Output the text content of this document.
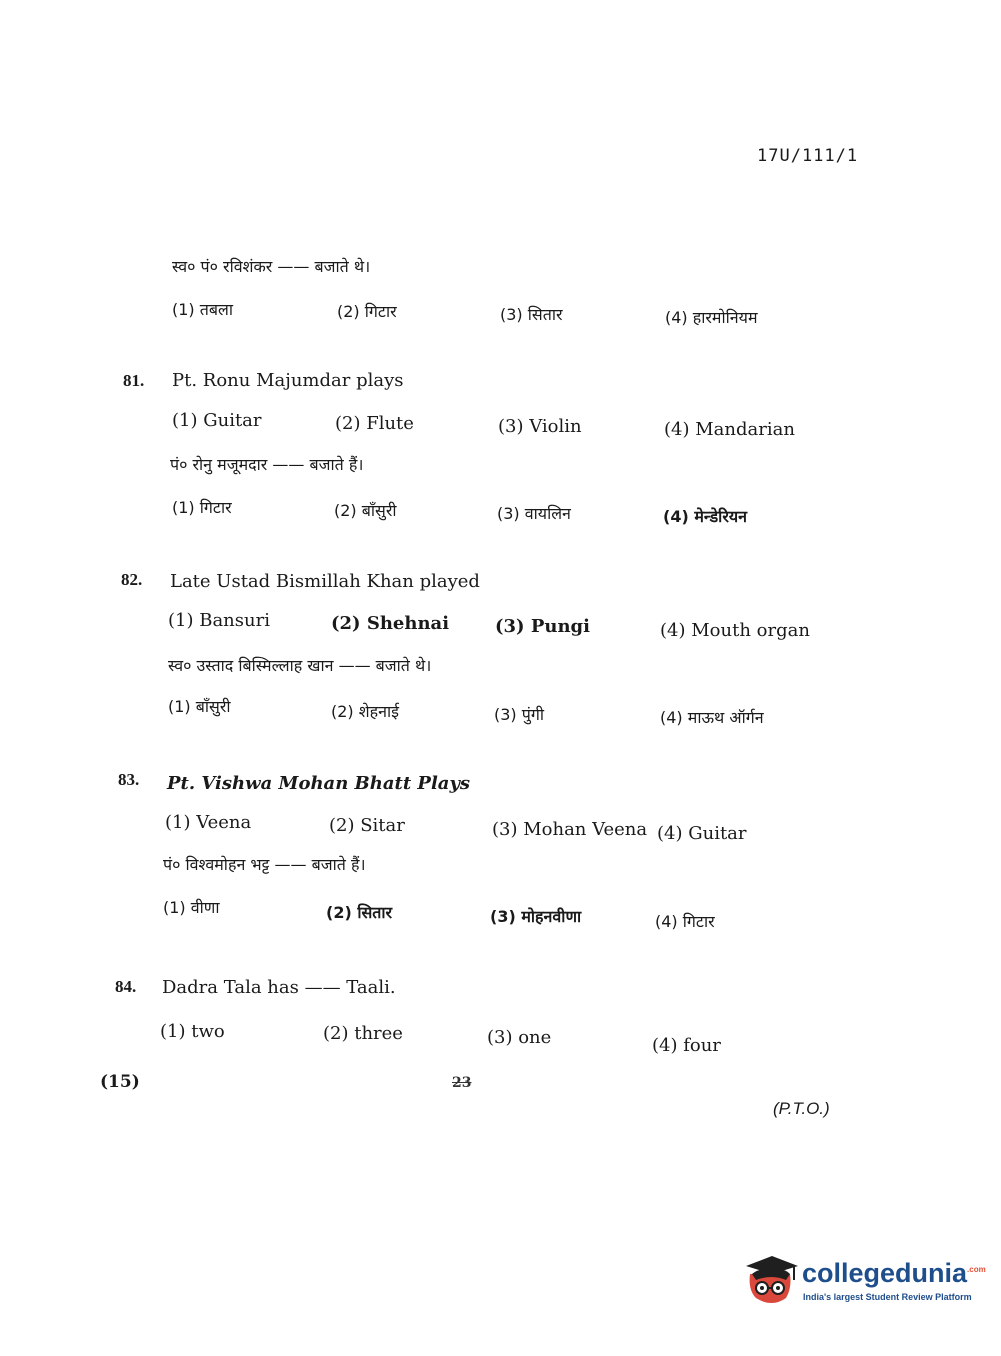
17U/111/1
स्व० पं० रविशंकर —— बजाते थे।
(1) तबला	(2) गिटार	(3) सितार	(4) हारमोनियम
81. Pt. Ronu Majumdar plays
(1) Guitar	(2) Flute	(3) Violin	(4) Mandarian
पं० रोनु मजूमदार —— बजाते हैं।
(1) गिटार	(2) बाँसुरी	(3) वायलिन	(4) मेन्डेरियन
82. Late Ustad Bismillah Khan played
(1) Bansuri	(2) Shehnai	(3) Pungi	(4) Mouth organ
स्व० उस्ताद बिस्मिल्लाह खान —— बजाते थे।
(1) बाँसुरी	(2) शेहनाई	(3) पुंगी	(4) माऊथ ऑर्गन
83. Pt. Vishwa Mohan Bhatt Plays
(1) Veena	(2) Sitar	(3) Mohan Veena (4) Guitar
पं० विश्वमोहन भट्ट —— बजाते हैं।
(1) वीणा	(2) सितार	(3) मोहनवीणा	(4) गिटार
84. Dadra Tala has —— Taali.
(1) two	(2) three	(3) one	(4) four
(15)	23
(P.T.O.)
collegedunia$^{.com}$
India's largest Student Review Platform
